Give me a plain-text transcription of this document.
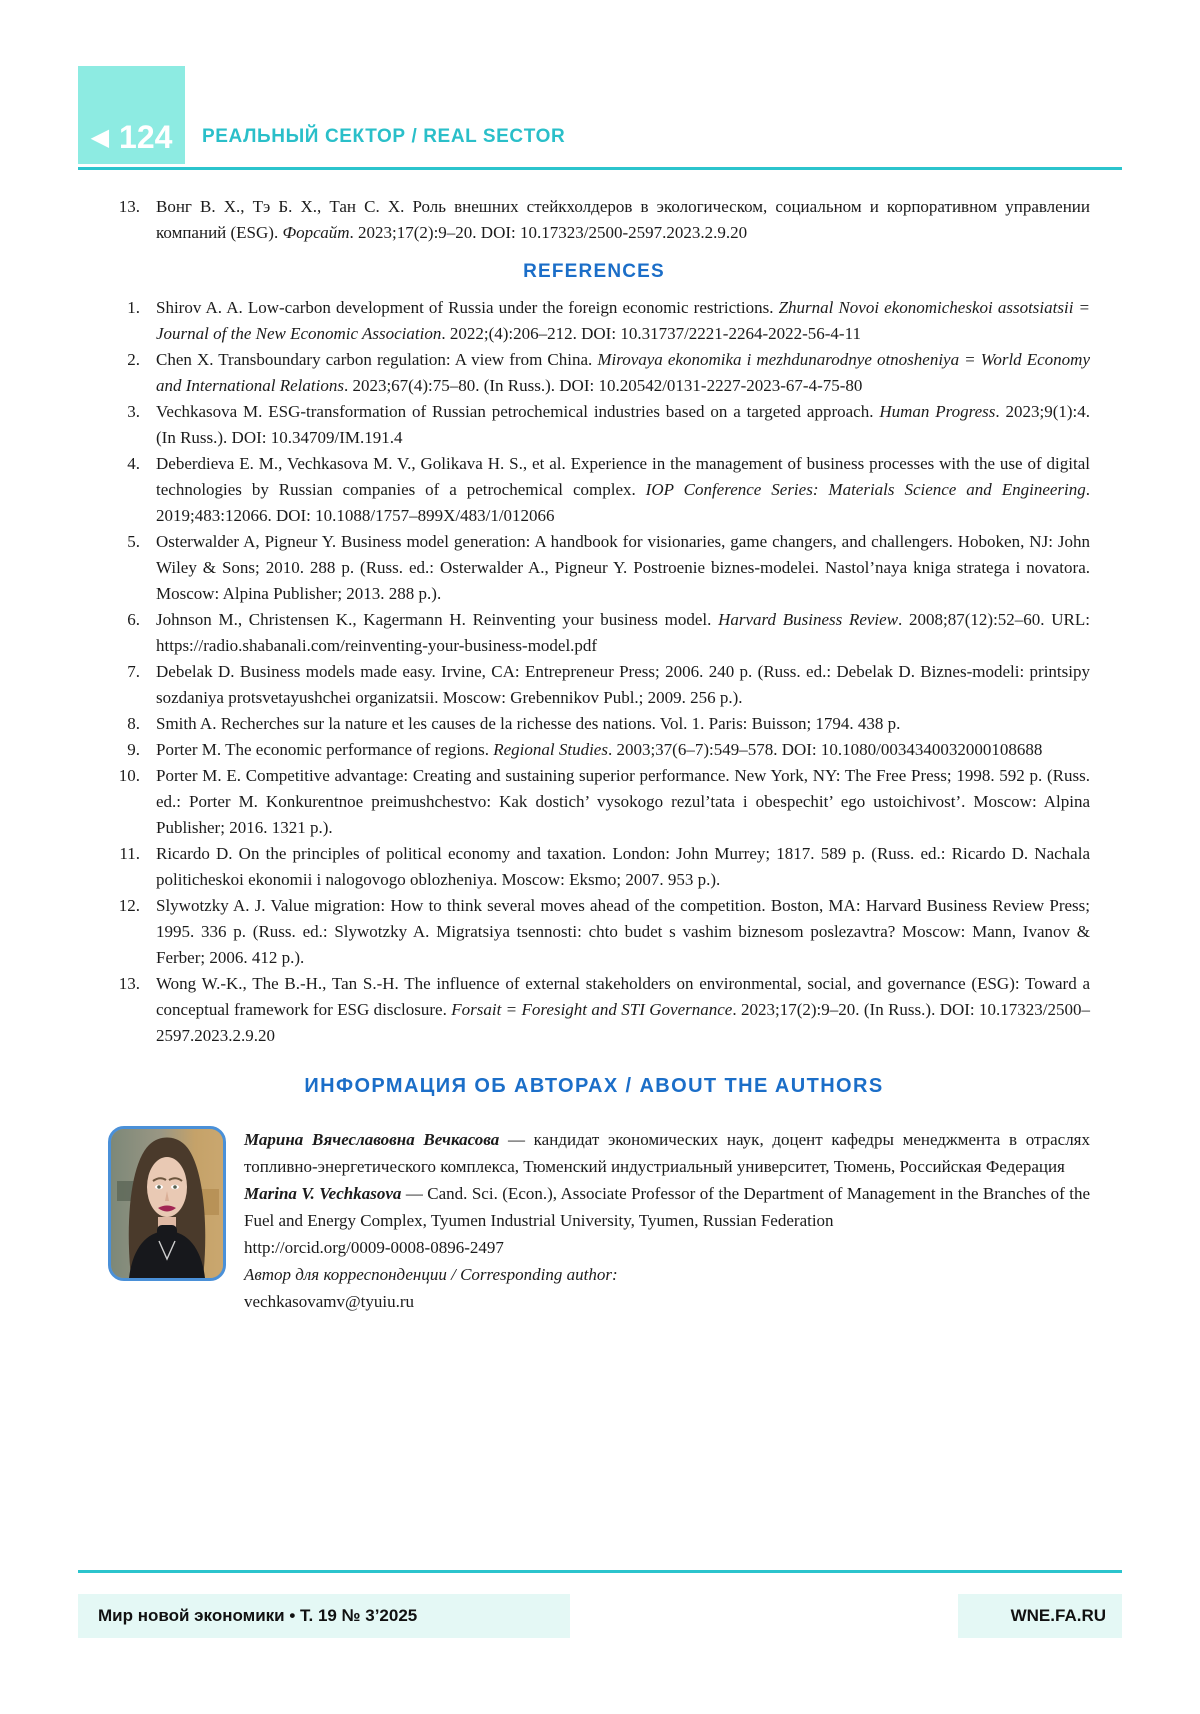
◀ 124 РЕАЛЬНЫЙ СЕКТОР / REAL SECTOR
13. Вонг В. Х., Тэ Б. Х., Тан С. Х. Роль внешних стейкхолдеров в экологическом, социальном и корпоративном управлении компаний (ESG). Форсайт. 2023;17(2):9–20. DOI: 10.17323/2500-2597.2023.2.9.20
REFERENCES
1. Shirov A. A. Low-carbon development of Russia under the foreign economic restrictions. Zhurnal Novoi ekonomicheskoi assotsiatsii = Journal of the New Economic Association. 2022;(4):206–212. DOI: 10.31737/2221-2264-2022-56-4-11
2. Chen X. Transboundary carbon regulation: A view from China. Mirovaya ekonomika i mezhdunarodnye otnosheniya = World Economy and International Relations. 2023;67(4):75–80. (In Russ.). DOI: 10.20542/0131-2227-2023-67-4-75-80
3. Vechkasova M. ESG-transformation of Russian petrochemical industries based on a targeted approach. Human Progress. 2023;9(1):4. (In Russ.). DOI: 10.34709/IM.191.4
4. Deberdieva E. M., Vechkasova M. V., Golikava H. S., et al. Experience in the management of business processes with the use of digital technologies by Russian companies of a petrochemical complex. IOP Conference Series: Materials Science and Engineering. 2019;483:12066. DOI: 10.1088/1757–899X/483/1/012066
5. Osterwalder A, Pigneur Y. Business model generation: A handbook for visionaries, game changers, and challengers. Hoboken, NJ: John Wiley & Sons; 2010. 288 p. (Russ. ed.: Osterwalder A., Pigneur Y. Postroenie biznes-modelei. Nastol’naya kniga stratega i novatora. Moscow: Alpina Publisher; 2013. 288 p.).
6. Johnson M., Christensen K., Kagermann H. Reinventing your business model. Harvard Business Review. 2008;87(12):52–60. URL: https://radio.shabanali.com/reinventing-your-business-model.pdf
7. Debelak D. Business models made easy. Irvine, CA: Entrepreneur Press; 2006. 240 p. (Russ. ed.: Debelak D. Biznes-modeli: printsipy sozdaniya protsvetayushchei organizatsii. Moscow: Grebennikov Publ.; 2009. 256 p.).
8. Smith A. Recherches sur la nature et les causes de la richesse des nations. Vol. 1. Paris: Buisson; 1794. 438 p.
9. Porter M. The economic performance of regions. Regional Studies. 2003;37(6–7):549–578. DOI: 10.1080/0034340032000108688
10. Porter M. E. Competitive advantage: Creating and sustaining superior performance. New York, NY: The Free Press; 1998. 592 p. (Russ. ed.: Porter M. Konkurentnoe preimushchestvo: Kak dostich’ vysokogo rezul’tata i obespechit’ ego ustoichivost’. Moscow: Alpina Publisher; 2016. 1321 p.).
11. Ricardo D. On the principles of political economy and taxation. London: John Murrey; 1817. 589 p. (Russ. ed.: Ricardo D. Nachala politicheskoi ekonomii i nalogovogo oblozheniya. Moscow: Eksmo; 2007. 953 p.).
12. Slywotzky A. J. Value migration: How to think several moves ahead of the competition. Boston, MA: Harvard Business Review Press; 1995. 336 p. (Russ. ed.: Slywotzky A. Migratsiya tsennosti: chto budet s vashim biznesom poslezavtra? Moscow: Mann, Ivanov & Ferber; 2006. 412 p.).
13. Wong W.-K., The B.-H., Tan S.-H. The influence of external stakeholders on environmental, social, and governance (ESG): Toward a conceptual framework for ESG disclosure. Forsait = Foresight and STI Governance. 2023;17(2):9–20. (In Russ.). DOI: 10.17323/2500–2597.2023.2.9.20
ИНФОРМАЦИЯ ОБ АВТОРАХ / ABOUT THE AUTHORS

Марина Вячеславовна Вечкасова — кандидат экономических наук, доцент кафедры менеджмента в отраслях топливно-энергетического комплекса, Тюменский индустриальный университет, Тюмень, Российская Федерация

Marina V. Vechkasova — Cand. Sci. (Econ.), Associate Professor of the Department of Management in the Branches of the Fuel and Energy Complex, Tyumen Industrial University, Tyumen, Russian Federation

http://orcid.org/0009-0008-0896-2497

Автор для корреспонденции / Corresponding author:

vechkasovamv@tyuiu.ru

Мир новой экономики • Т. 19 № 3’2025	WNE.FA.RU
